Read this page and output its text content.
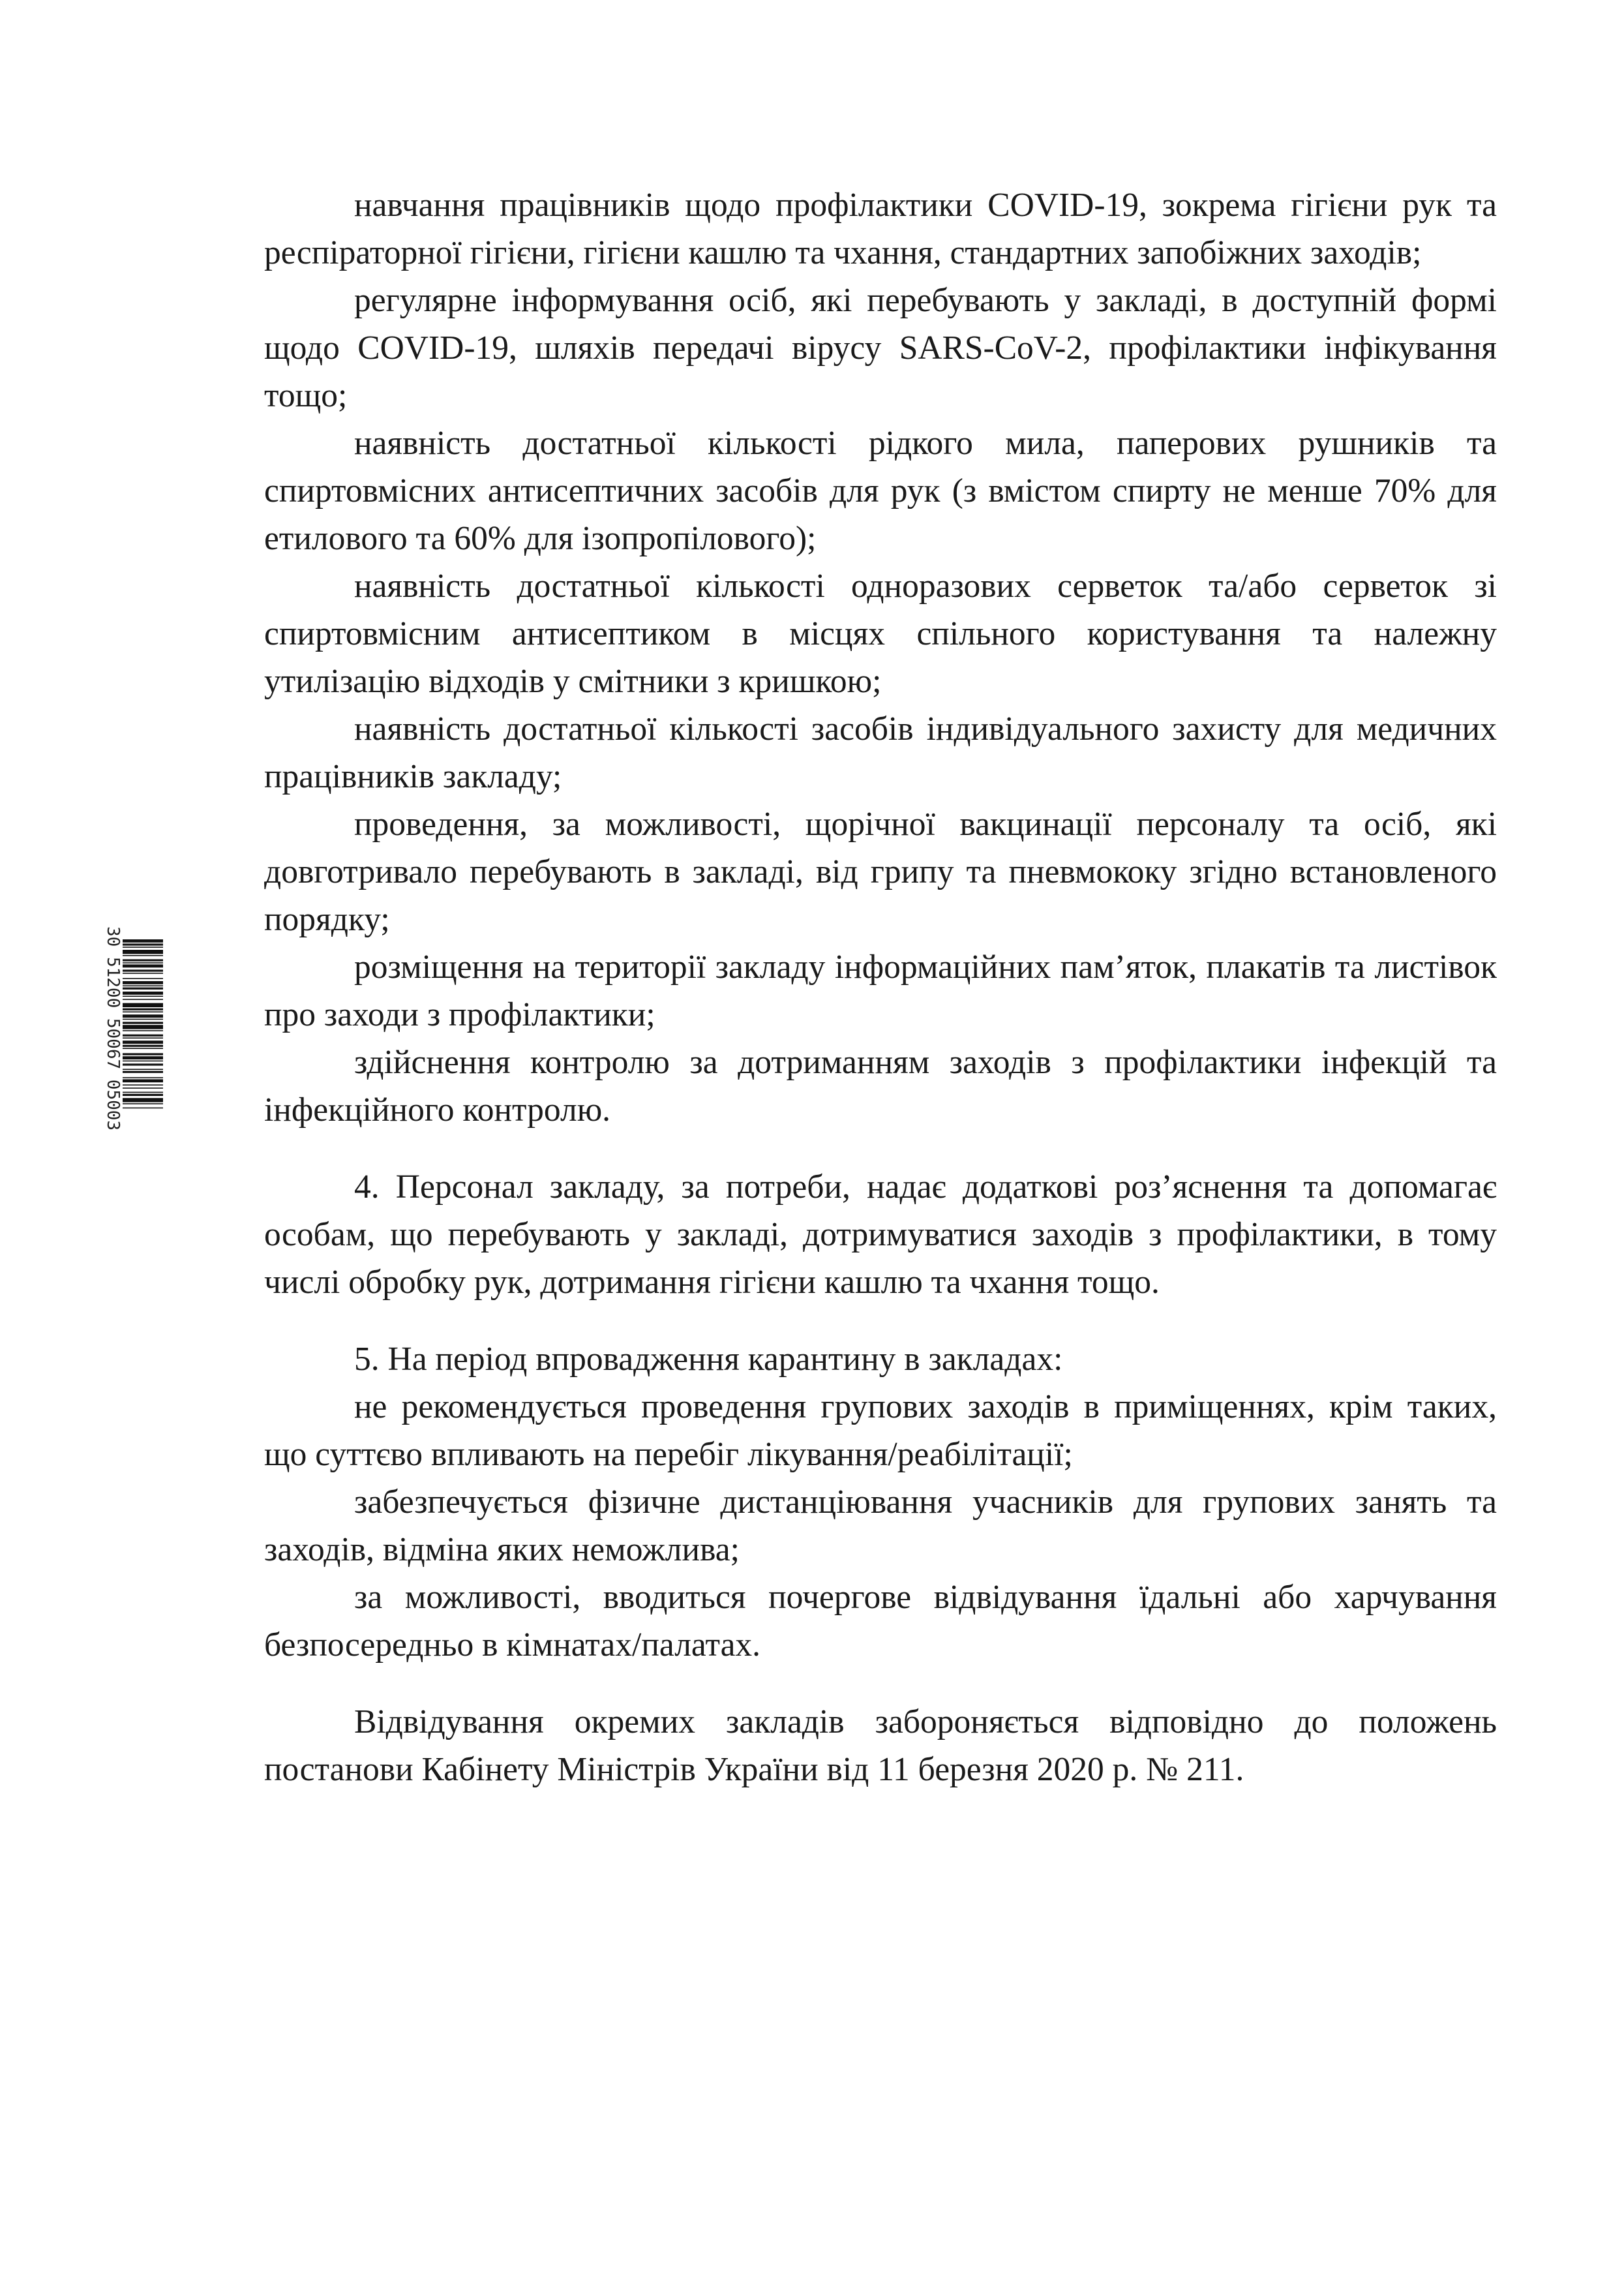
30 51200 50067 05003

навчання працівників щодо профілактики COVID-19, зокрема гігієни рук та респіраторної гігієни, гігієни кашлю та чхання, стандартних запобіжних заходів;

регулярне інформування осіб, які перебувають у закладі, в доступній формі щодо COVID-19, шляхів передачі вірусу SARS-CoV-2, профілактики інфікування тощо;

наявність достатньої кількості рідкого мила, паперових рушників та спиртовмісних антисептичних засобів для рук (з вмістом спирту не менше 70% для етилового та 60% для ізопропілового);

наявність достатньої кількості одноразових серветок та/або серветок зі спиртовмісним антисептиком в місцях спільного користування та належну утилізацію відходів у смітники з кришкою;

наявність достатньої кількості засобів індивідуального захисту для медичних працівників закладу;

проведення, за можливості, щорічної вакцинації персоналу та осіб, які довготривало перебувають в закладі, від грипу та пневмококу згідно встановленого порядку;

розміщення на території закладу інформаційних пам’яток, плакатів та листівок про заходи з профілактики;

здійснення контролю за дотриманням заходів з профілактики інфекцій та інфекційного контролю.

4. Персонал закладу, за потреби, надає додаткові роз’яснення та допомагає особам, що перебувають у закладі, дотримуватися заходів з профілактики, в тому числі обробку рук, дотримання гігієни кашлю та чхання тощо.

5. На період впровадження карантину в закладах:

не рекомендується проведення групових заходів в приміщеннях, крім таких, що суттєво впливають на перебіг лікування/реабілітації;

забезпечується фізичне дистанціювання учасників для групових занять та заходів, відміна яких неможлива;

за можливості, вводиться почергове відвідування їдальні або харчування безпосередньо в кімнатах/палатах.

Відвідування окремих закладів забороняється відповідно до положень постанови Кабінету Міністрів України від 11 березня 2020 р. № 211.
